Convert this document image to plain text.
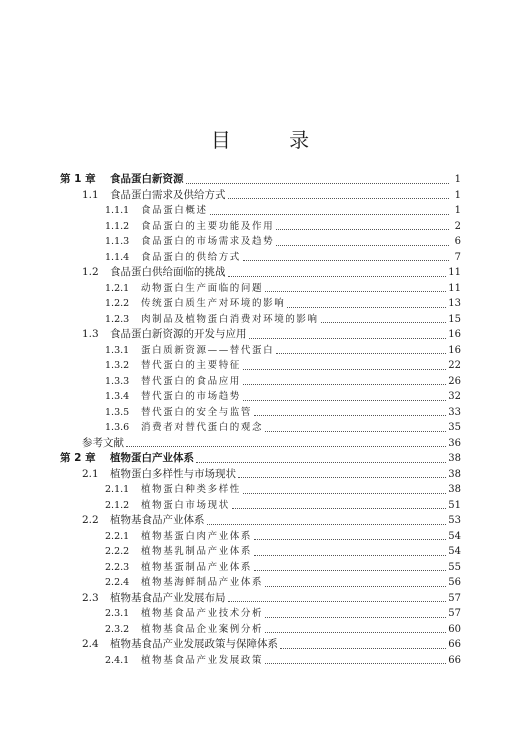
目 录
第 1 章	食品蛋白新资源	1
1.1	食品蛋白需求及供给方式	1
1.1.1	食品蛋白概述	1
1.1.2	食品蛋白的主要功能及作用	2
1.1.3	食品蛋白的市场需求及趋势	6
1.1.4	食品蛋白的供给方式	7
1.2	食品蛋白供给面临的挑战	11
1.2.1	动物蛋白生产面临的问题	11
1.2.2	传统蛋白质生产对环境的影响	13
1.2.3	肉制品及植物蛋白消费对环境的影响	15
1.3	食品蛋白新资源的开发与应用	16
1.3.1	蛋白质新资源——替代蛋白	16
1.3.2	替代蛋白的主要特征	22
1.3.3	替代蛋白的食品应用	26
1.3.4	替代蛋白的市场趋势	32
1.3.5	替代蛋白的安全与监管	33
1.3.6	消费者对替代蛋白的观念	35
参考文献	36
第 2 章	植物蛋白产业体系	38
2.1	植物蛋白多样性与市场现状	38
2.1.1	植物蛋白种类多样性	38
2.1.2	植物蛋白市场现状	51
2.2	植物基食品产业体系	53
2.2.1	植物基蛋白肉产业体系	54
2.2.2	植物基乳制品产业体系	54
2.2.3	植物基蛋制品产业体系	55
2.2.4	植物基海鲜制品产业体系	56
2.3	植物基食品产业发展布局	57
2.3.1	植物基食品产业技术分析	57
2.3.2	植物基食品企业案例分析	60
2.4	植物基食品产业发展政策与保障体系	66
2.4.1	植物基食品产业发展政策	66
